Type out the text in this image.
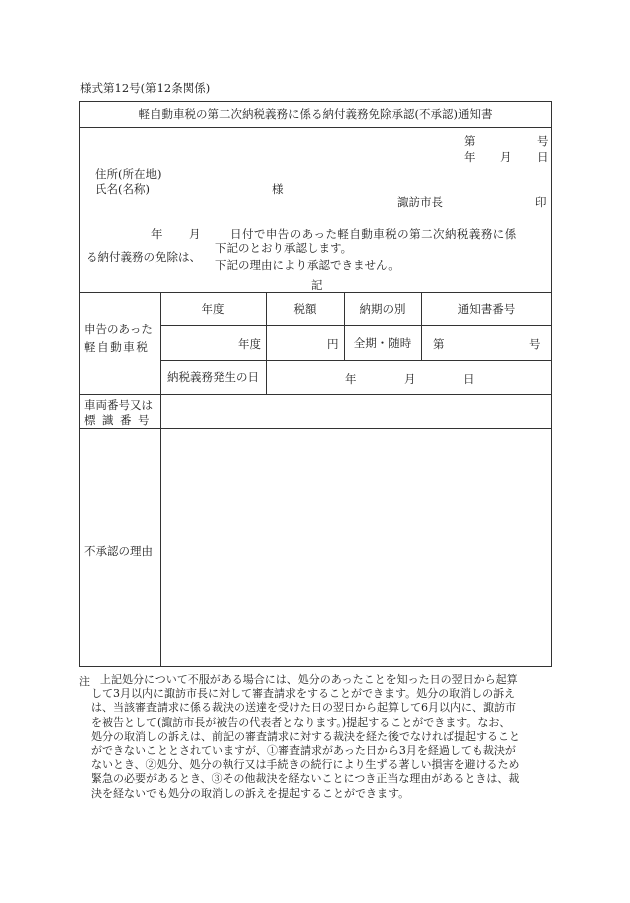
様式第12号(第12条関係)
軽自動車税の第二次納税義務に係る納付義務免除承認(不承認)通知書
第	号
年 月 日
住所(所在地)
氏名(名称)	様
諏訪市長	印
年 月	日付で申告のあった軽自動車税の第二次納税義務に係
る納付義務の免除は、
下記のとおり承認します。
下記の理由により承認できません。
記
申告のあった
軽自動車税
年度	税額	納期の別	通知書番号
年度	円	全期・随時	第	号
納税義務発生の日	年	月	日
車両番号又は
標識番号
不承認の理由
注 上記処分について不服がある場合には、処分のあったことを知った日の翌日から起算

して3月以内に諏訪市長に対して審査請求をすることができます。処分の取消しの訴え

は、当該審査請求に係る裁決の送達を受けた日の翌日から起算して6月以内に、諏訪市

を被告として(諏訪市長が被告の代表者となります。)提起することができます。なお、

処分の取消しの訴えは、前記の審査請求に対する裁決を経た後でなければ提起すること

ができないこととされていますが、①審査請求があった日から3月を経過しても裁決が

ないとき、②処分、処分の執行又は手続きの続行により生ずる著しい損害を避けるため

緊急の必要があるとき、③その他裁決を経ないことにつき正当な理由があるときは、裁

決を経ないでも処分の取消しの訴えを提起することができます。
